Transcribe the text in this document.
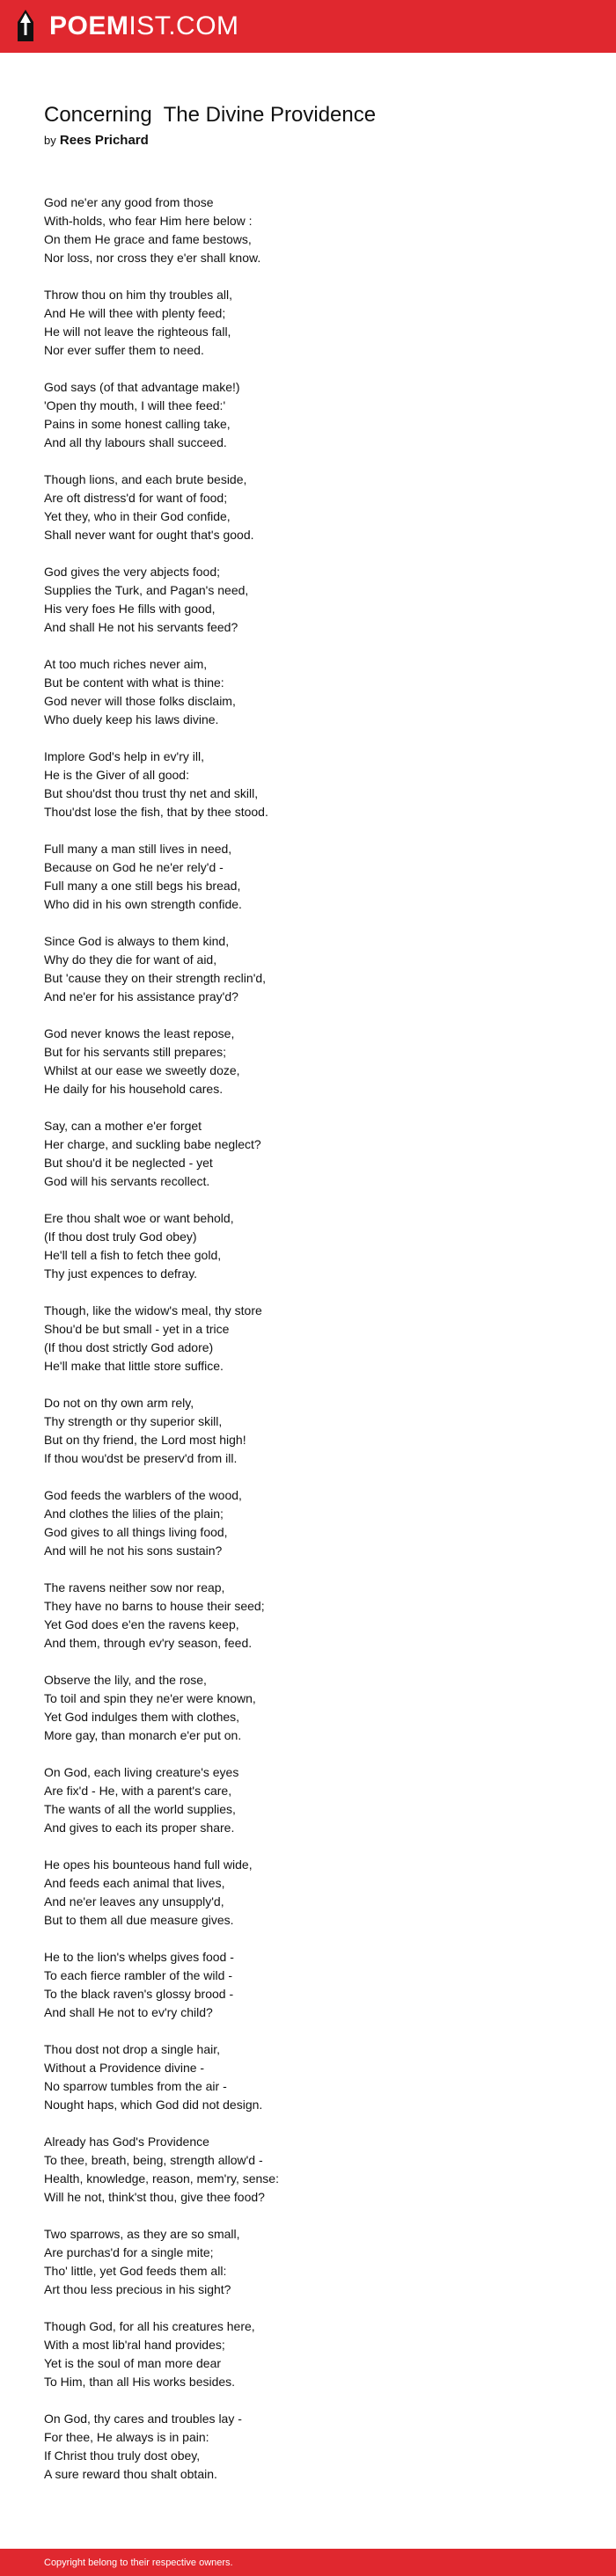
POEMIST.COM
Concerning  The Divine Providence
by Rees Prichard
God ne'er any good from those
With-holds, who fear Him here below :
On them He grace and fame bestows,
Nor loss, nor cross they e'er shall know.
Throw thou on him thy troubles all,
And He will thee with plenty feed;
He will not leave the righteous fall,
Nor ever suffer them to need.
God says (of that advantage make!)
'Open thy mouth, I will thee feed:'
Pains in some honest calling take,
And all thy labours shall succeed.
Though lions, and each brute beside,
Are oft distress'd for want of food;
Yet they, who in their God confide,
Shall never want for ought that's good.
God gives the very abjects food;
Supplies the Turk, and Pagan's need,
His very foes He fills with good,
And shall He not his servants feed?
At too much riches never aim,
But be content with what is thine:
God never will those folks disclaim,
Who duely keep his laws divine.
Implore God's help in ev'ry ill,
He is the Giver of all good:
But shou'dst thou trust thy net and skill,
Thou'dst lose the fish, that by thee stood.
Full many a man still lives in need,
Because on God he ne'er rely'd -
Full many a one still begs his bread,
Who did in his own strength confide.
Since God is always to them kind,
Why do they die for want of aid,
But 'cause they on their strength reclin'd,
And ne'er for his assistance pray'd?
God never knows the least repose,
But for his servants still prepares;
Whilst at our ease we sweetly doze,
He daily for his household cares.
Say, can a mother e'er forget
Her charge, and suckling babe neglect?
But shou'd it be neglected - yet
God will his servants recollect.
Ere thou shalt woe or want behold,
(If thou dost truly God obey)
He'll tell a fish to fetch thee gold,
Thy just expences to defray.
Though, like the widow's meal, thy store
Shou'd be but small - yet in a trice
(If thou dost strictly God adore)
He'll make that little store suffice.
Do not on thy own arm rely,
Thy strength or thy superior skill,
But on thy friend, the Lord most high!
If thou wou'dst be preserv'd from ill.
God feeds the warblers of the wood,
And clothes the lilies of the plain;
God gives to all things living food,
And will he not his sons sustain?
The ravens neither sow nor reap,
They have no barns to house their seed;
Yet God does e'en the ravens keep,
And them, through ev'ry season, feed.
Observe the lily, and the rose,
To toil and spin they ne'er were known,
Yet God indulges them with clothes,
More gay, than monarch e'er put on.
On God, each living creature's eyes
Are fix'd - He, with a parent's care,
The wants of all the world supplies,
And gives to each its proper share.
He opes his bounteous hand full wide,
And feeds each animal that lives,
And ne'er leaves any unsupply'd,
But to them all due measure gives.
He to the lion's whelps gives food -
To each fierce rambler of the wild -
To the black raven's glossy brood -
And shall He not to ev'ry child?
Thou dost not drop a single hair,
Without a Providence divine -
No sparrow tumbles from the air -
Nought haps, which God did not design.
Already has God's Providence
To thee, breath, being, strength allow'd -
Health, knowledge, reason, mem'ry, sense:
Will he not, think'st thou, give thee food?
Two sparrows, as they are so small,
Are purchas'd for a single mite;
Tho' little, yet God feeds them all:
Art thou less precious in his sight?
Though God, for all his creatures here,
With a most lib'ral hand provides;
Yet is the soul of man more dear
To Him, than all His works besides.
On God, thy cares and troubles lay -
For thee, He always is in pain:
If Christ thou truly dost obey,
A sure reward thou shalt obtain.
Copyright belong to their respective owners.
